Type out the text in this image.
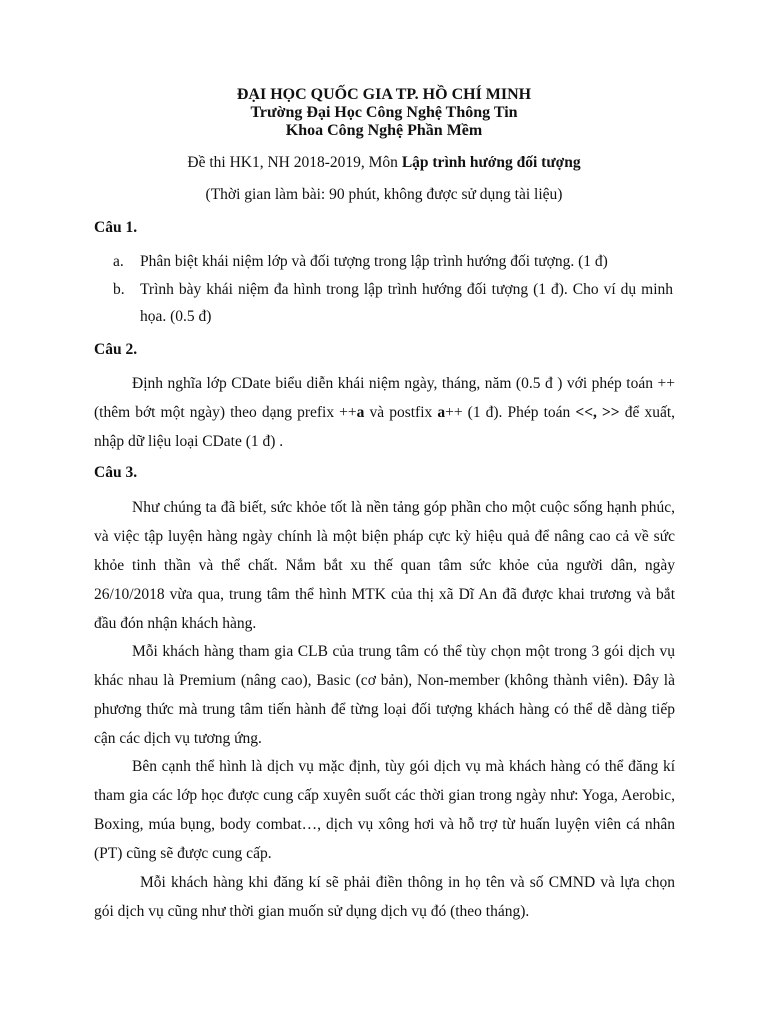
ĐẠI HỌC QUỐC GIA TP. HỒ CHÍ MINH
Trường Đại Học Công Nghệ Thông Tin
Khoa Công Nghệ Phần Mềm
Đề thi HK1, NH 2018-2019, Môn Lập trình hướng đối tượng
(Thời gian làm bài: 90 phút, không được sử dụng tài liệu)
Câu 1.
a. Phân biệt khái niệm lớp và đối tượng trong lập trình hướng đối tượng. (1 đ)
b. Trình bày khái niệm đa hình trong lập trình hướng đối tượng (1 đ). Cho ví dụ minh họa. (0.5 đ)
Câu 2.
Định nghĩa lớp CDate biểu diễn khái niệm ngày, tháng, năm (0.5 đ ) với phép toán ++ (thêm bớt một ngày) theo dạng prefix ++a và postfix a++ (1 đ). Phép toán <<, >> để xuất, nhập dữ liệu loại CDate (1 đ) .
Câu 3.
Như chúng ta đã biết, sức khỏe tốt là nền tảng góp phần cho một cuộc sống hạnh phúc, và việc tập luyện hàng ngày chính là một biện pháp cực kỳ hiệu quả để nâng cao cả về sức khỏe tinh thần và thể chất. Nắm bắt xu thế quan tâm sức khỏe của người dân, ngày 26/10/2018 vừa qua, trung tâm thể hình MTK của thị xã Dĩ An đã được khai trương và bắt đầu đón nhận khách hàng.
Mỗi khách hàng tham gia CLB của trung tâm có thể tùy chọn một trong 3 gói dịch vụ khác nhau là Premium (nâng cao), Basic (cơ bản), Non-member (không thành viên). Đây là phương thức mà trung tâm tiến hành để từng loại đối tượng khách hàng có thể dễ dàng tiếp cận các dịch vụ tương ứng.
Bên cạnh thể hình là dịch vụ mặc định, tùy gói dịch vụ mà khách hàng có thể đăng kí tham gia các lớp học được cung cấp xuyên suốt các thời gian trong ngày như: Yoga, Aerobic, Boxing, múa bụng, body combat…, dịch vụ xông hơi và hỗ trợ từ huấn luyện viên cá nhân (PT) cũng sẽ được cung cấp.
Mỗi khách hàng khi đăng kí sẽ phải điền thông in họ tên và số CMND và lựa chọn gói dịch vụ cũng như thời gian muốn sử dụng dịch vụ đó (theo tháng).
